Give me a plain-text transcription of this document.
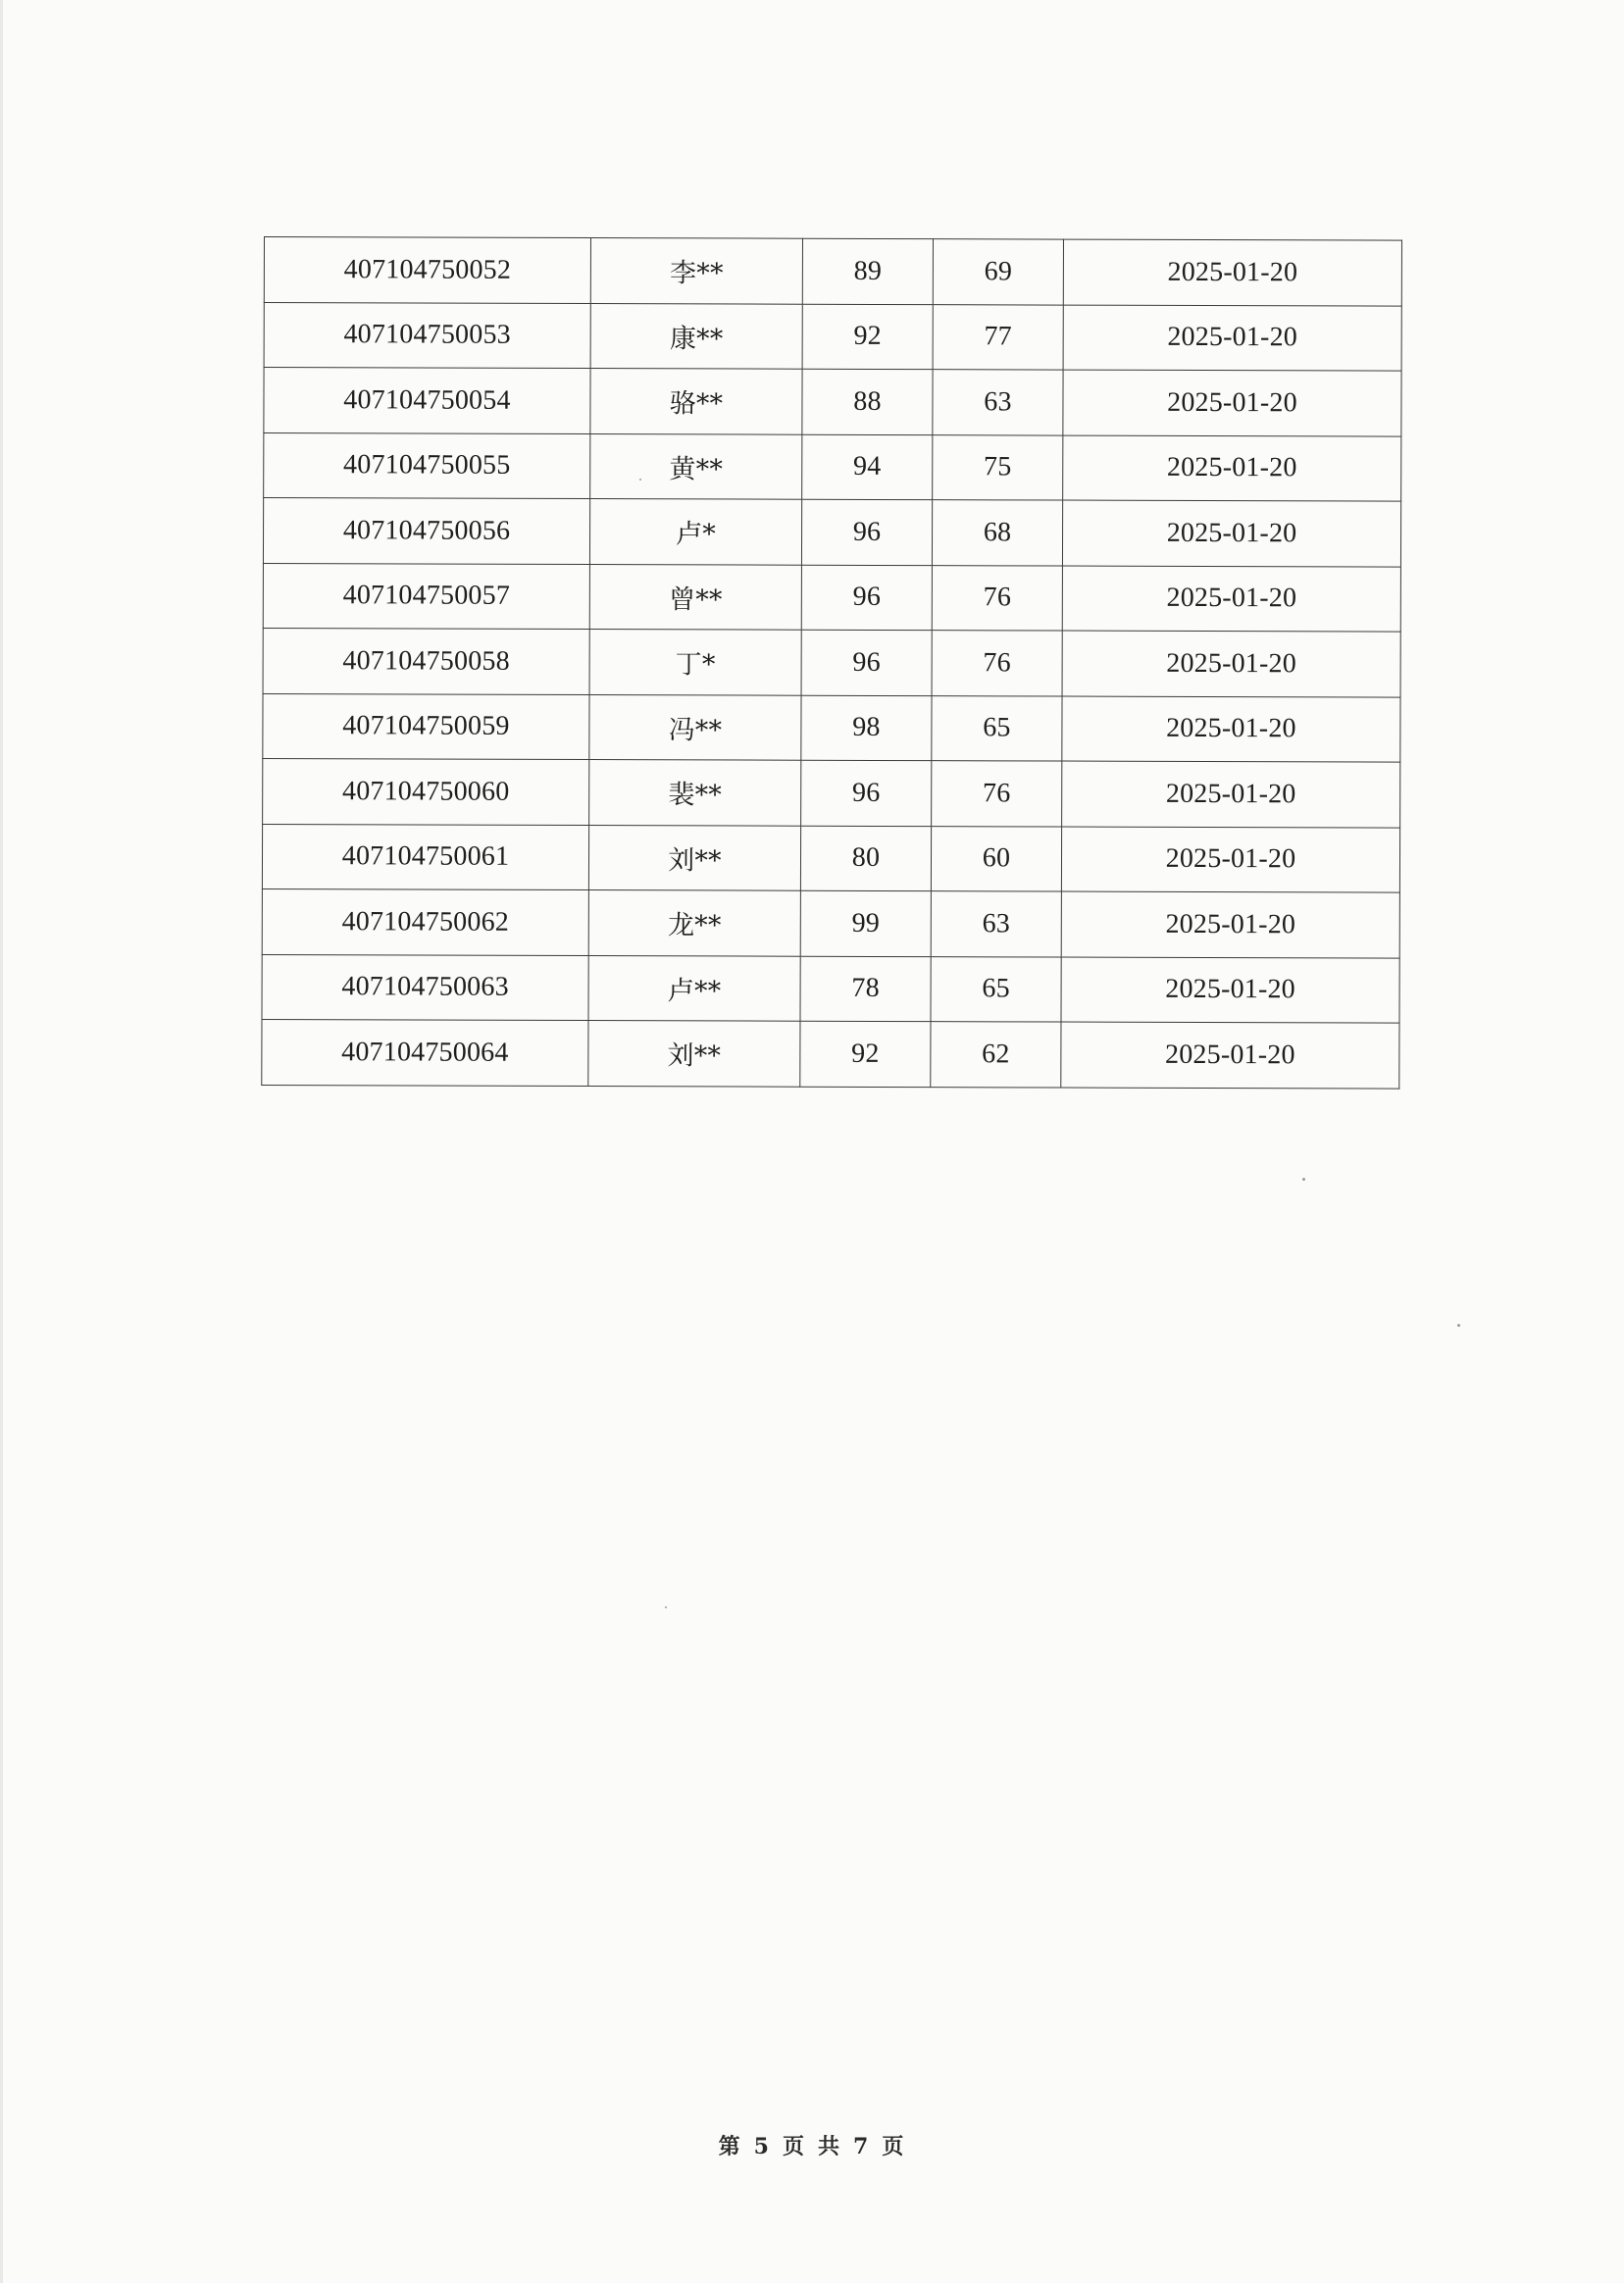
407104750052	李**	89	69	2025-01-20
407104750053	康**	92	77	2025-01-20
407104750054	骆**	88	63	2025-01-20
407104750055	黄**	94	75	2025-01-20
407104750056	卢*	96	68	2025-01-20
407104750057	曾**	96	76	2025-01-20
407104750058	丁*	96	76	2025-01-20
407104750059	冯**	98	65	2025-01-20
407104750060	裴**	96	76	2025-01-20
407104750061	刘**	80	60	2025-01-20
407104750062	龙**	99	63	2025-01-20
407104750063	卢**	78	65	2025-01-20
407104750064	刘**	92	62	2025-01-20
第 5 页 共 7 页
